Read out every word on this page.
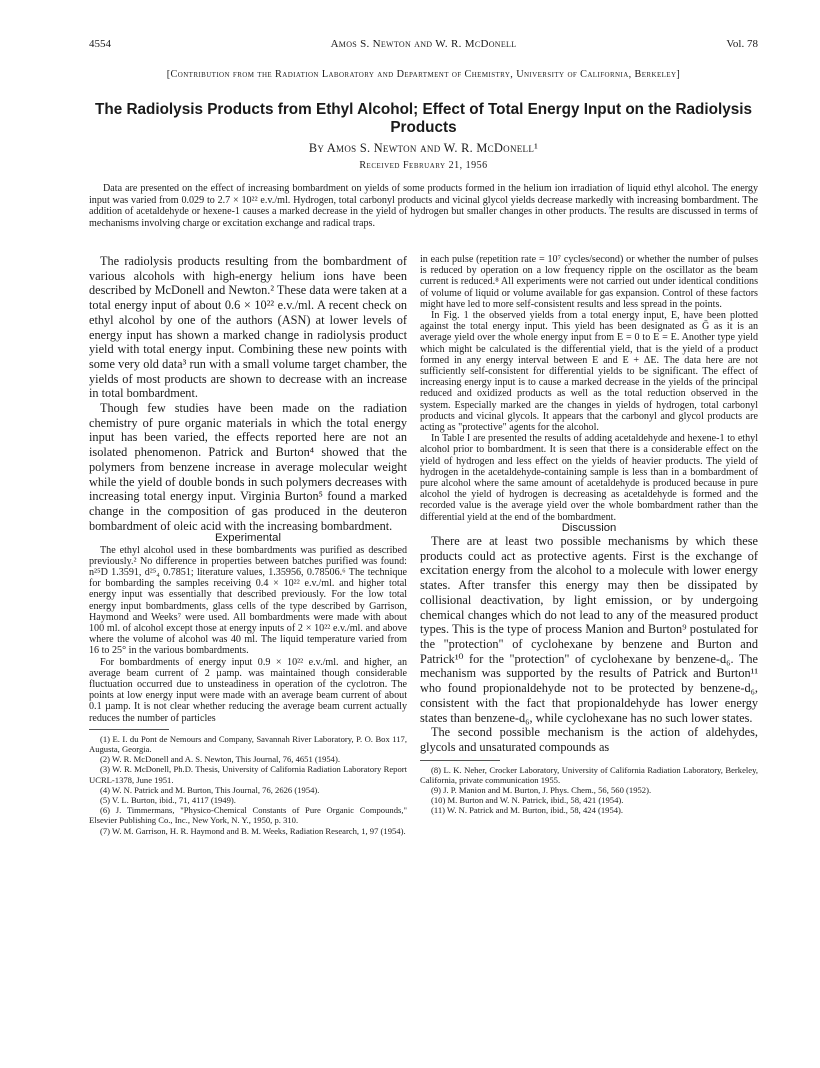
4554	Amos S. Newton and W. R. McDonell	Vol. 78
[Contribution from the Radiation Laboratory and Department of Chemistry, University of California, Berkeley]
The Radiolysis Products from Ethyl Alcohol; Effect of Total Energy Input on the Radiolysis Products
By Amos S. Newton and W. R. McDonell¹
Received February 21, 1956
Data are presented on the effect of increasing bombardment on yields of some products formed in the helium ion irradiation of liquid ethyl alcohol. The energy input was varied from 0.029 to 2.7 × 10²² e.v./ml. Hydrogen, total carbonyl products and vicinal glycol yields decrease markedly with increasing bombardment. The addition of acetaldehyde or hexene-1 causes a marked decrease in the yield of hydrogen but smaller changes in other products. The results are discussed in terms of mechanisms involving charge or excitation exchange and radical traps.

The radiolysis products resulting from the bombardment of various alcohols with high-energy helium ions have been described by McDonell and Newton.² These data were taken at a total energy input of about 0.6 × 10²² e.v./ml. A recent check on ethyl alcohol by one of the authors (ASN) at lower levels of energy input has shown a marked change in radiolysis product yield with total energy input. Combining these new points with some very old data³ run with a small volume target chamber, the yields of most products are shown to decrease with an increase in total bombardment.

Though few studies have been made on the radiation chemistry of pure organic materials in which the total energy input has been varied, the effects reported here are not an isolated phenomenon. Patrick and Burton⁴ showed that the polymers from benzene increase in average molecular weight while the yield of double bonds in such polymers decreases with increasing total energy input. Virginia Burton⁵ found a marked change in the composition of gas produced in the deuteron bombardment of oleic acid with the increasing bombardment.

Experimental

The ethyl alcohol used in these bombardments was purified as described previously.² No difference in properties between batches purified was found: n²⁵D 1.3591, d²⁵₄ 0.7851; literature values, 1.35956, 0.78506.⁶ The technique for bombarding the samples receiving 0.4 × 10²² e.v./ml. and higher total energy input was essentially that described previously. For the low total energy input bombardments, glass cells of the type described by Garrison, Haymond and Weeks⁷ were used. All bombardments were made with about 100 ml. of alcohol except those at energy inputs of 2 × 10²² e.v./ml. and above where the volume of alcohol was 40 ml. The liquid temperature varied from 16 to 25° in the various bombardments.

For bombardments of energy input 0.9 × 10²² e.v./ml. and higher, an average beam current of 2 µamp. was maintained though considerable fluctuation occurred due to unsteadiness in operation of the cyclotron. The points at low energy input were made with an average beam current of about 0.1 µamp. It is not clear whether reducing the average beam current actually reduces the number of particles

(1) E. I. du Pont de Nemours and Company, Savannah River Laboratory, P. O. Box 117, Augusta, Georgia.

(2) W. R. McDonell and A. S. Newton, This Journal, 76, 4651 (1954).

(3) W. R. McDonell, Ph.D. Thesis, University of California Radiation Laboratory Report UCRL-1378, June 1951.

(4) W. N. Patrick and M. Burton, This Journal, 76, 2626 (1954).

(5) V. L. Burton, ibid., 71, 4117 (1949).

(6) J. Timmermans, "Physico-Chemical Constants of Pure Organic Compounds," Elsevier Publishing Co., Inc., New York, N. Y., 1950, p. 310.

(7) W. M. Garrison, H. R. Haymond and B. M. Weeks, Radiation Research, 1, 97 (1954).

in each pulse (repetition rate = 10⁷ cycles/second) or whether the number of pulses is reduced by operation on a low frequency ripple on the oscillator as the beam current is reduced.⁸ All experiments were not carried out under identical conditions of volume of liquid or volume available for gas expansion. Control of these factors might have led to more self-consistent results and less spread in the points.

In Fig. 1 the observed yields from a total energy input, E, have been plotted against the total energy input. This yield has been designated as Ḡ as it is an average yield over the whole energy input from E = 0 to E = E. Another type yield which might be calculated is the differential yield, that is the yield of a product formed in any energy interval between E and E + ΔE. The data here are not sufficiently self-consistent for differential yields to be significant. The effect of increasing energy input is to cause a marked decrease in the yields of the principal reduced and oxidized products as well as the total reduction observed in the system. Especially marked are the changes in yields of hydrogen, total carbonyl products and vicinal glycols. It appears that the carbonyl and glycol products are acting as "protective" agents for the alcohol.

In Table I are presented the results of adding acetaldehyde and hexene-1 to ethyl alcohol prior to bombardment. It is seen that there is a considerable effect on the yield of hydrogen and less effect on the yields of heavier products. The yield of hydrogen in the acetaldehyde-containing sample is less than in a bombardment of pure alcohol where the same amount of acetaldehyde is produced because in pure alcohol the yield of hydrogen is decreasing as acetaldehyde is formed and the recorded value is the average yield over the whole bombardment rather than the differential yield at the end of the bombardment.

Discussion

There are at least two possible mechanisms by which these products could act as protective agents. First is the exchange of excitation energy from the alcohol to a molecule with lower energy states. After transfer this energy may then be dissipated by collisional deactivation, by light emission, or by undergoing chemical changes which do not lead to any of the measured product types. This is the type of process Manion and Burton⁹ postulated for the "protection" of cyclohexane by benzene and Burton and Patrick¹⁰ for the "protection" of cyclohexane by benzene-d₆. The mechanism was supported by the results of Patrick and Burton¹¹ who found propionaldehyde not to be protected by benzene-d₆, consistent with the fact that propionaldehyde has lower energy states than benzene-d₆, while cyclohexane has no such lower states.

The second possible mechanism is the action of aldehydes, glycols and unsaturated compounds as

(8) L. K. Neher, Crocker Laboratory, University of California Radiation Laboratory, Berkeley, California, private communication 1955.

(9) J. P. Manion and M. Burton, J. Phys. Chem., 56, 560 (1952).

(10) M. Burton and W. N. Patrick, ibid., 58, 421 (1954).

(11) W. N. Patrick and M. Burton, ibid., 58, 424 (1954).
